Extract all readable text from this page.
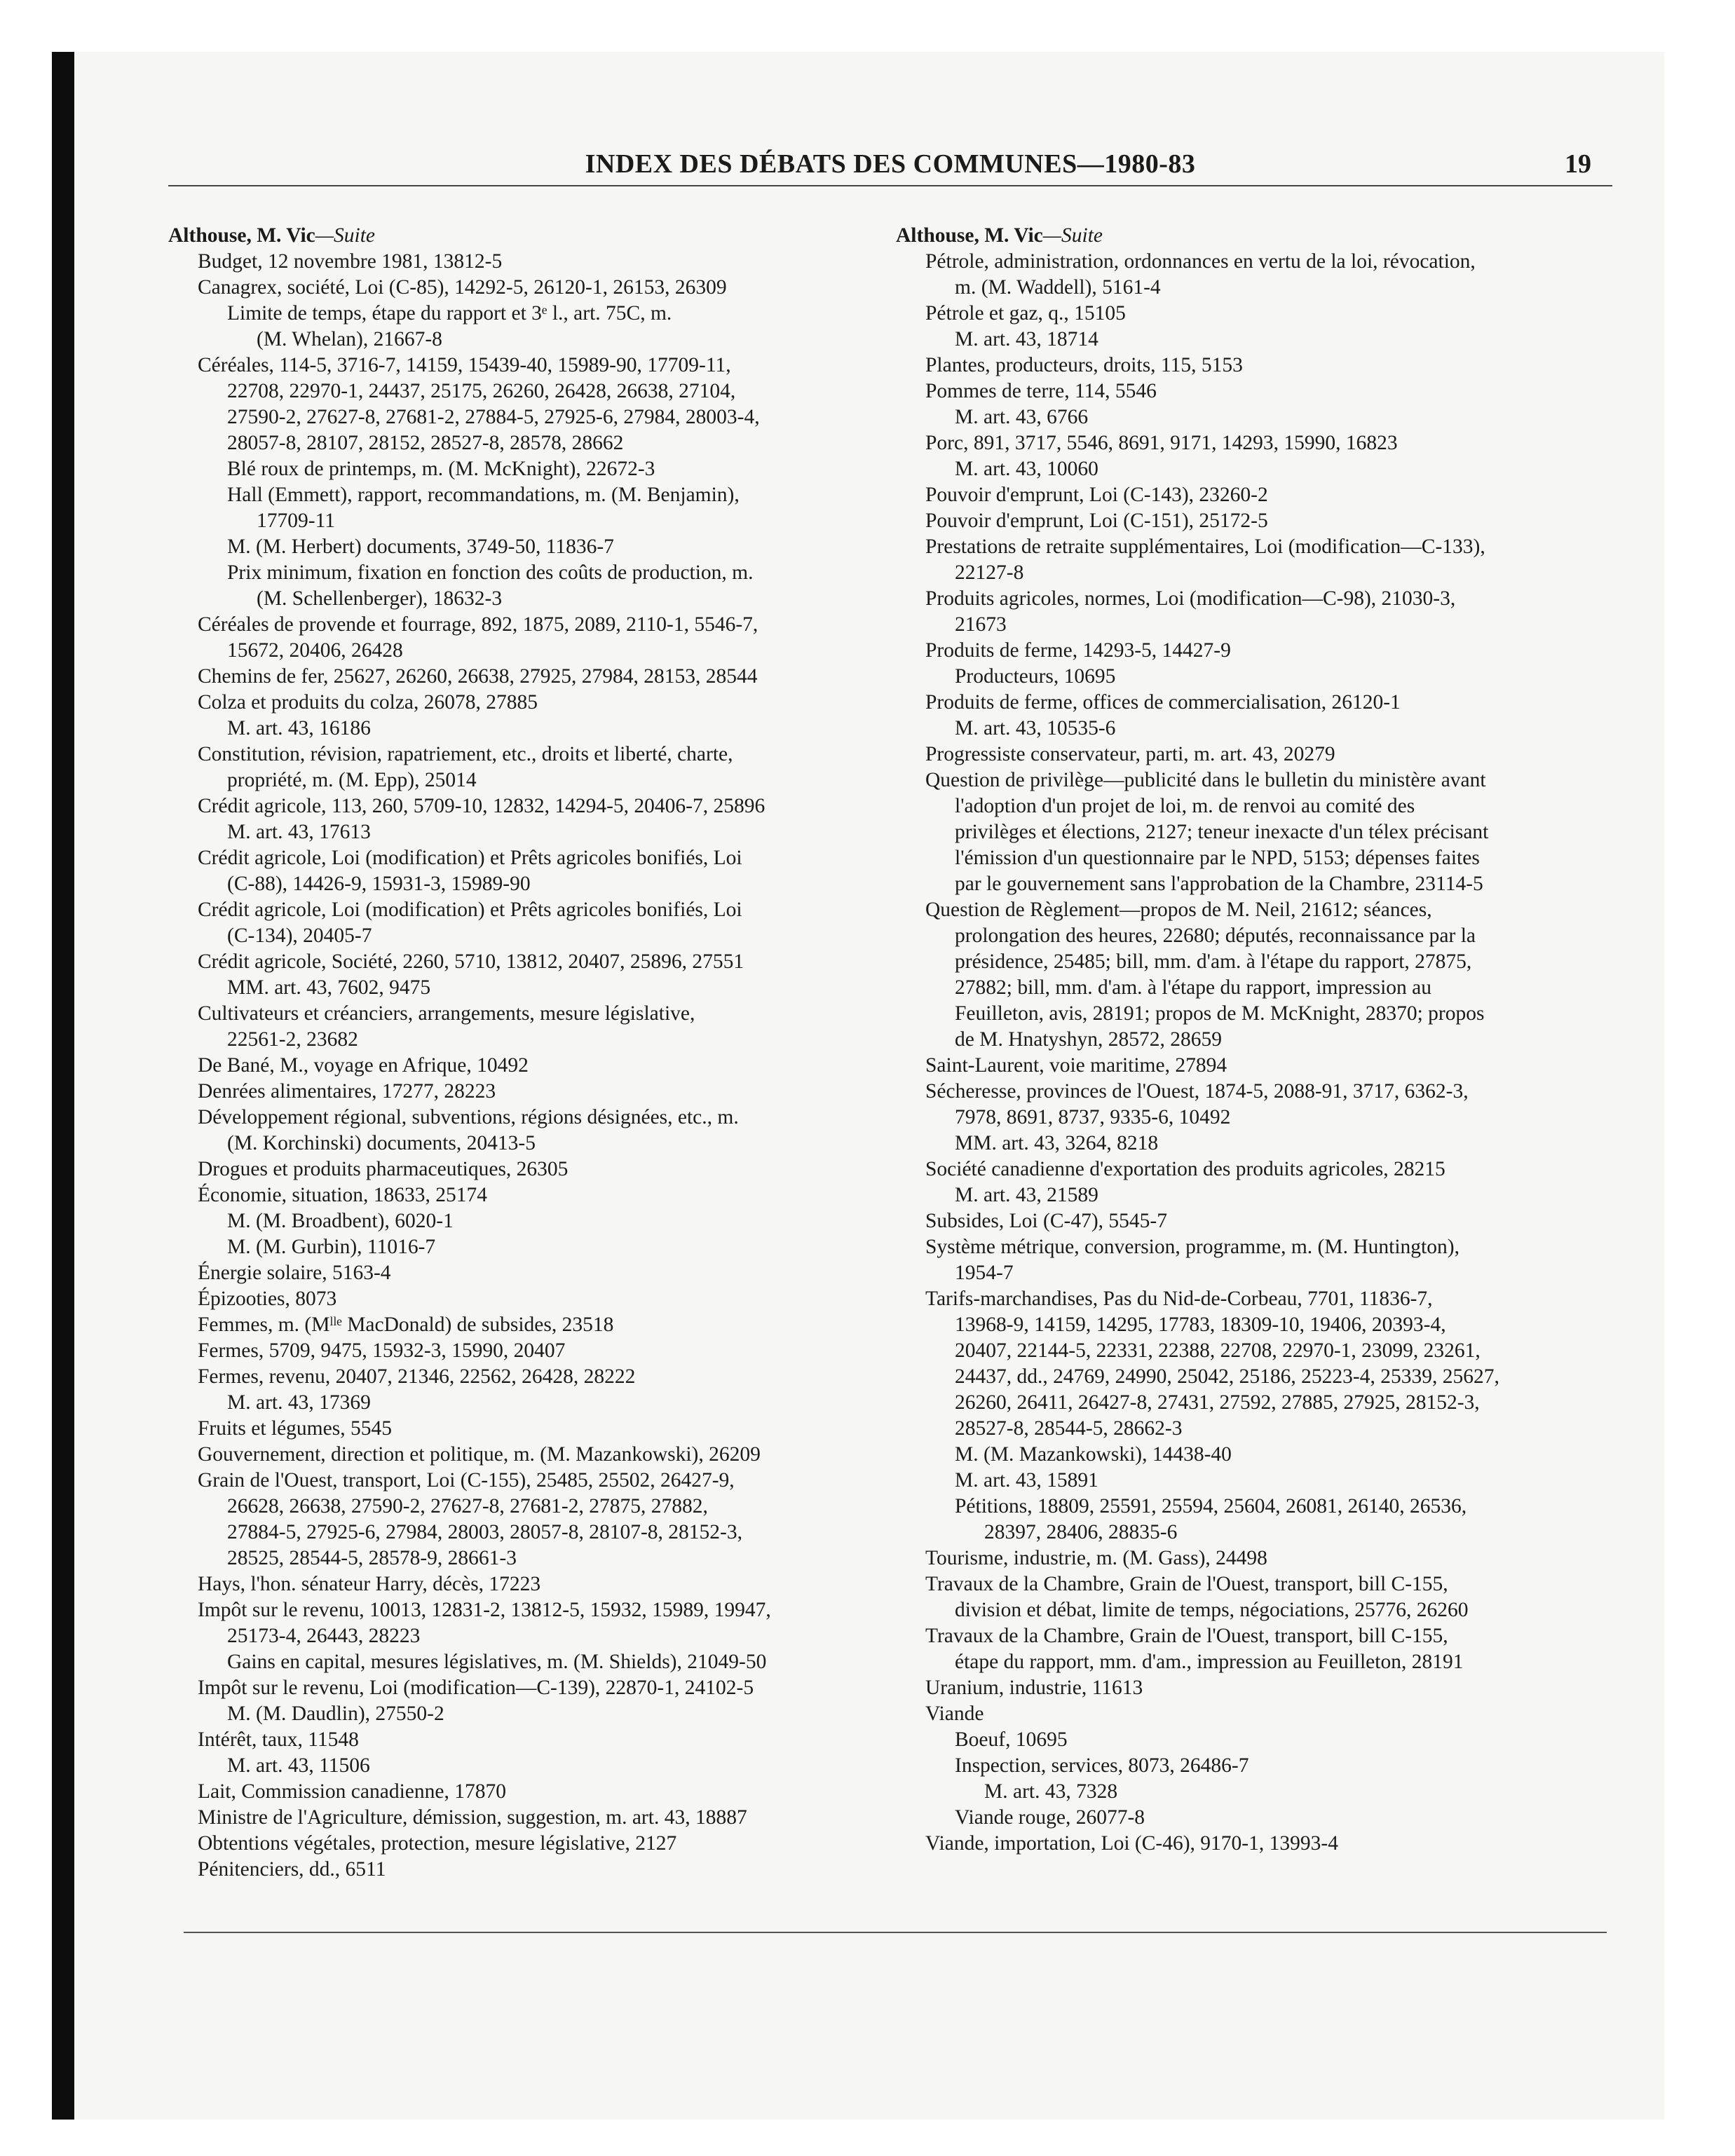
INDEX DES DÉBATS DES COMMUNES—1980-83	19
Althouse, M. Vic—Suite
Budget, 12 novembre 1981, 13812-5
Canagrex, société, Loi (C-85), 14292-5, 26120-1, 26153, 26309
Limite de temps, étape du rapport et 3ᵉ l., art. 75C, m.
(M. Whelan), 21667-8
Céréales, 114-5, 3716-7, 14159, 15439-40, 15989-90, 17709-11,
22708, 22970-1, 24437, 25175, 26260, 26428, 26638, 27104,
27590-2, 27627-8, 27681-2, 27884-5, 27925-6, 27984, 28003-4,
28057-8, 28107, 28152, 28527-8, 28578, 28662
Blé roux de printemps, m. (M. McKnight), 22672-3
Hall (Emmett), rapport, recommandations, m. (M. Benjamin),
17709-11
M. (M. Herbert) documents, 3749-50, 11836-7
Prix minimum, fixation en fonction des coûts de production, m.
(M. Schellenberger), 18632-3
Céréales de provende et fourrage, 892, 1875, 2089, 2110-1, 5546-7,
15672, 20406, 26428
Chemins de fer, 25627, 26260, 26638, 27925, 27984, 28153, 28544
Colza et produits du colza, 26078, 27885
M. art. 43, 16186
Constitution, révision, rapatriement, etc., droits et liberté, charte,
propriété, m. (M. Epp), 25014
Crédit agricole, 113, 260, 5709-10, 12832, 14294-5, 20406-7, 25896
M. art. 43, 17613
Crédit agricole, Loi (modification) et Prêts agricoles bonifiés, Loi
(C-88), 14426-9, 15931-3, 15989-90
Crédit agricole, Loi (modification) et Prêts agricoles bonifiés, Loi
(C-134), 20405-7
Crédit agricole, Société, 2260, 5710, 13812, 20407, 25896, 27551
MM. art. 43, 7602, 9475
Cultivateurs et créanciers, arrangements, mesure législative,
22561-2, 23682
De Bané, M., voyage en Afrique, 10492
Denrées alimentaires, 17277, 28223
Développement régional, subventions, régions désignées, etc., m.
(M. Korchinski) documents, 20413-5
Drogues et produits pharmaceutiques, 26305
Économie, situation, 18633, 25174
M. (M. Broadbent), 6020-1
M. (M. Gurbin), 11016-7
Énergie solaire, 5163-4
Épizooties, 8073
Femmes, m. (Mˡˡᵉ MacDonald) de subsides, 23518
Fermes, 5709, 9475, 15932-3, 15990, 20407
Fermes, revenu, 20407, 21346, 22562, 26428, 28222
M. art. 43, 17369
Fruits et légumes, 5545
Gouvernement, direction et politique, m. (M. Mazankowski), 26209
Grain de l'Ouest, transport, Loi (C-155), 25485, 25502, 26427-9,
26628, 26638, 27590-2, 27627-8, 27681-2, 27875, 27882,
27884-5, 27925-6, 27984, 28003, 28057-8, 28107-8, 28152-3,
28525, 28544-5, 28578-9, 28661-3
Hays, l'hon. sénateur Harry, décès, 17223
Impôt sur le revenu, 10013, 12831-2, 13812-5, 15932, 15989, 19947,
25173-4, 26443, 28223
Gains en capital, mesures législatives, m. (M. Shields), 21049-50
Impôt sur le revenu, Loi (modification—C-139), 22870-1, 24102-5
M. (M. Daudlin), 27550-2
Intérêt, taux, 11548
M. art. 43, 11506
Lait, Commission canadienne, 17870
Ministre de l'Agriculture, démission, suggestion, m. art. 43, 18887
Obtentions végétales, protection, mesure législative, 2127
Pénitenciers, dd., 6511
Althouse, M. Vic—Suite
Pétrole, administration, ordonnances en vertu de la loi, révocation,
m. (M. Waddell), 5161-4
Pétrole et gaz, q., 15105
M. art. 43, 18714
Plantes, producteurs, droits, 115, 5153
Pommes de terre, 114, 5546
M. art. 43, 6766
Porc, 891, 3717, 5546, 8691, 9171, 14293, 15990, 16823
M. art. 43, 10060
Pouvoir d'emprunt, Loi (C-143), 23260-2
Pouvoir d'emprunt, Loi (C-151), 25172-5
Prestations de retraite supplémentaires, Loi (modification—C-133),
22127-8
Produits agricoles, normes, Loi (modification—C-98), 21030-3,
21673
Produits de ferme, 14293-5, 14427-9
Producteurs, 10695
Produits de ferme, offices de commercialisation, 26120-1
M. art. 43, 10535-6
Progressiste conservateur, parti, m. art. 43, 20279
Question de privilège—publicité dans le bulletin du ministère avant
l'adoption d'un projet de loi, m. de renvoi au comité des
privilèges et élections, 2127; teneur inexacte d'un télex précisant
l'émission d'un questionnaire par le NPD, 5153; dépenses faites
par le gouvernement sans l'approbation de la Chambre, 23114-5
Question de Règlement—propos de M. Neil, 21612; séances,
prolongation des heures, 22680; députés, reconnaissance par la
présidence, 25485; bill, mm. d'am. à l'étape du rapport, 27875,
27882; bill, mm. d'am. à l'étape du rapport, impression au
Feuilleton, avis, 28191; propos de M. McKnight, 28370; propos
de M. Hnatyshyn, 28572, 28659
Saint-Laurent, voie maritime, 27894
Sécheresse, provinces de l'Ouest, 1874-5, 2088-91, 3717, 6362-3,
7978, 8691, 8737, 9335-6, 10492
MM. art. 43, 3264, 8218
Société canadienne d'exportation des produits agricoles, 28215
M. art. 43, 21589
Subsides, Loi (C-47), 5545-7
Système métrique, conversion, programme, m. (M. Huntington),
1954-7
Tarifs-marchandises, Pas du Nid-de-Corbeau, 7701, 11836-7,
13968-9, 14159, 14295, 17783, 18309-10, 19406, 20393-4,
20407, 22144-5, 22331, 22388, 22708, 22970-1, 23099, 23261,
24437, dd., 24769, 24990, 25042, 25186, 25223-4, 25339, 25627,
26260, 26411, 26427-8, 27431, 27592, 27885, 27925, 28152-3,
28527-8, 28544-5, 28662-3
M. (M. Mazankowski), 14438-40
M. art. 43, 15891
Pétitions, 18809, 25591, 25594, 25604, 26081, 26140, 26536,
28397, 28406, 28835-6
Tourisme, industrie, m. (M. Gass), 24498
Travaux de la Chambre, Grain de l'Ouest, transport, bill C-155,
division et débat, limite de temps, négociations, 25776, 26260
Travaux de la Chambre, Grain de l'Ouest, transport, bill C-155,
étape du rapport, mm. d'am., impression au Feuilleton, 28191
Uranium, industrie, 11613
Viande
Boeuf, 10695
Inspection, services, 8073, 26486-7
M. art. 43, 7328
Viande rouge, 26077-8
Viande, importation, Loi (C-46), 9170-1, 13993-4
